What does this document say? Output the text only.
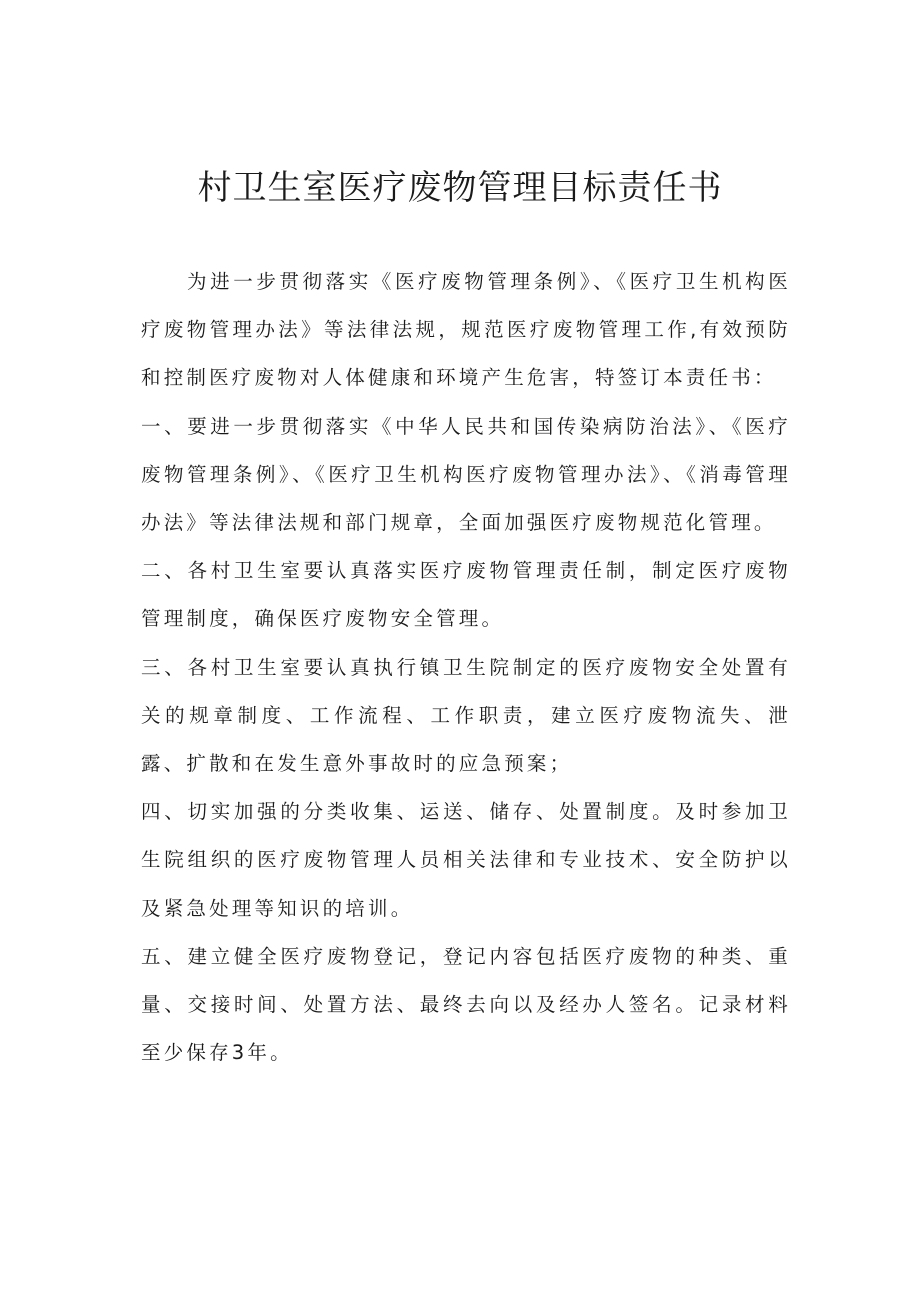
村卫生室医疗废物管理目标责任书

为进一步贯彻落实《医疗废物管理条例》、《医疗卫生机构医疗废物管理办法》等法律法规，规范医疗废物管理工作,有效预防和控制医疗废物对人体健康和环境产生危害，特签订本责任书：

一、要进一步贯彻落实《中华人民共和国传染病防治法》、《医疗废物管理条例》、《医疗卫生机构医疗废物管理办法》、《消毒管理办法》等法律法规和部门规章，全面加强医疗废物规范化管理。

二、各村卫生室要认真落实医疗废物管理责任制，制定医疗废物管理制度，确保医疗废物安全管理。

三、各村卫生室要认真执行镇卫生院制定的医疗废物安全处置有关的规章制度、工作流程、工作职责，建立医疗废物流失、泄露、扩散和在发生意外事故时的应急预案；

四、切实加强的分类收集、运送、储存、处置制度。及时参加卫生院组织的医疗废物管理人员相关法律和专业技术、安全防护以及紧急处理等知识的培训。

五、建立健全医疗废物登记，登记内容包括医疗废物的种类、重量、交接时间、处置方法、最终去向以及经办人签名。记录材料至少保存3年。
